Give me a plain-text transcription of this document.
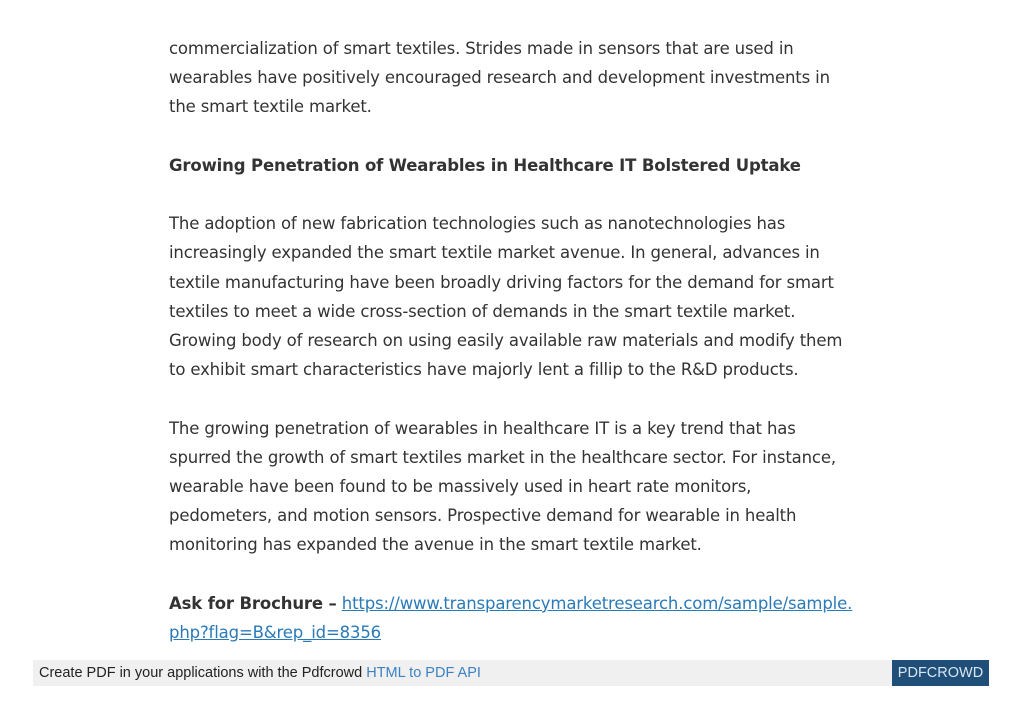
commercialization of smart textiles. Strides made in sensors that are used in wearables have positively encouraged research and development investments in the smart textile market.

Growing Penetration of Wearables in Healthcare IT Bolstered Uptake

The adoption of new fabrication technologies such as nanotechnologies has increasingly expanded the smart textile market avenue. In general, advances in textile manufacturing have been broadly driving factors for the demand for smart textiles to meet a wide cross-section of demands in the smart textile market. Growing body of research on using easily available raw materials and modify them to exhibit smart characteristics have majorly lent a fillip to the R&D products.

The growing penetration of wearables in healthcare IT is a key trend that has spurred the growth of smart textiles market in the healthcare sector. For instance, wearable have been found to be massively used in heart rate monitors, pedometers, and motion sensors. Prospective demand for wearable in health monitoring has expanded the avenue in the smart textile market.

Ask for Brochure – https://www.transparencymarketresearch.com/sample/sample.php?flag=B&rep_id=8356

Create PDF in your applications with the Pdfcrowd HTML to PDF API	PDFCROWD
